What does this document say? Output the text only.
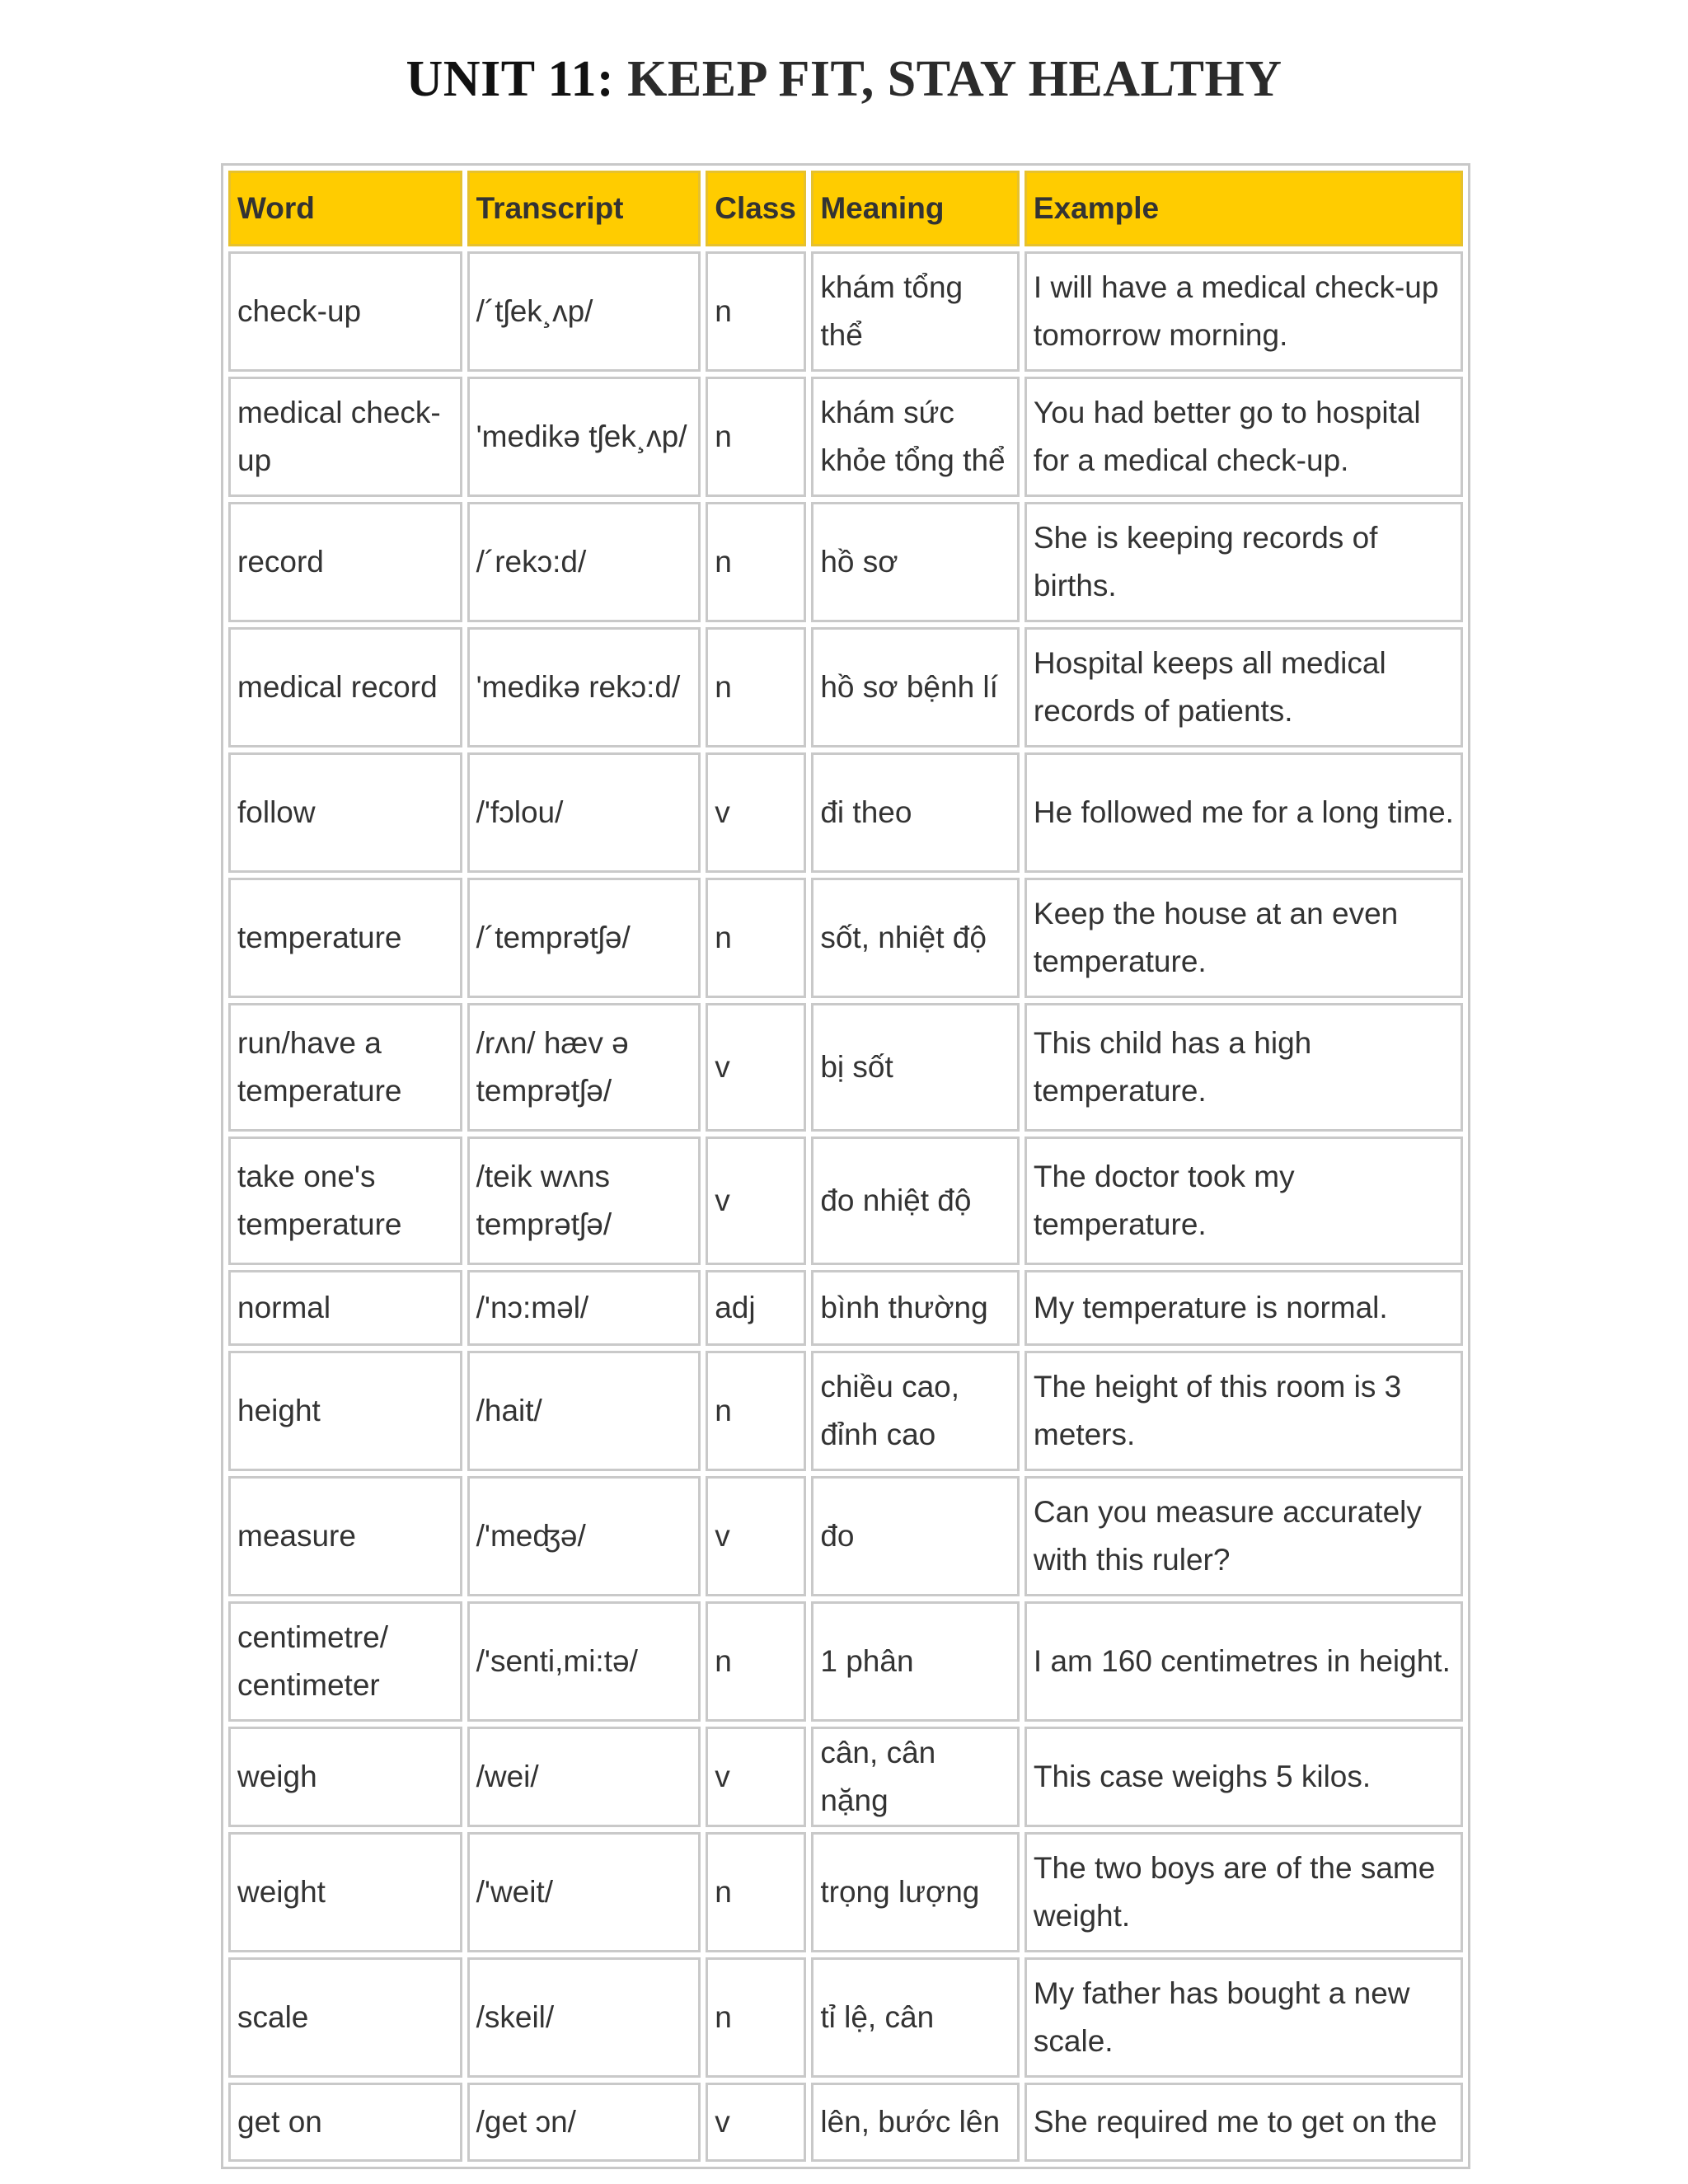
UNIT 11: KEEP FIT, STAY HEALTHY
Word	Transcript	Class	Meaning	Example
check-up	/´tʃek¸ʌp/	n	khám tổng thể	I will have a medical check-up tomorrow morning.
medical check-up	'medikə tʃek¸ʌp/	n	khám sức khỏe tổng thể	You had better go to hospital for a medical check-up.
record	/´rekɔ:d/	n	hồ sơ	She is keeping records of births.
medical record	'medikə rekɔ:d/	n	hồ sơ bệnh lí	Hospital keeps all medical records of patients.
follow	/'fɔlou/	v	đi theo	He followed me for a long time.
temperature	/´temprətʃə/	n	sốt, nhiệt độ	Keep the house at an even temperature.
run/have a temperature	/rʌn/ hæv ə temprətʃə/	v	bị sốt	This child has a high temperature.
take one's temperature	/teik wʌns temprətʃə/	v	đo nhiệt độ	The doctor took my temperature.
normal	/'nɔ:məl/	adj	bình thường	My temperature is normal.
height	/hait/	n	chiều cao, đỉnh cao	The height of this room is 3 meters.
measure	/'meʤə/	v	đo	Can you measure accurately with this ruler?
centimetre/ centimeter	/'senti,mi:tə/	n	1 phân	I am 160 centimetres in height.
weigh	/wei/	v	cân, cân nặng	This case weighs 5 kilos.
weight	/'weit/	n	trọng lượng	The two boys are of the same weight.
scale	/skeil/	n	tỉ lệ, cân	My father has bought a new scale.
get on	/get ɔn/	v	lên, bước lên	She required me to get on the
